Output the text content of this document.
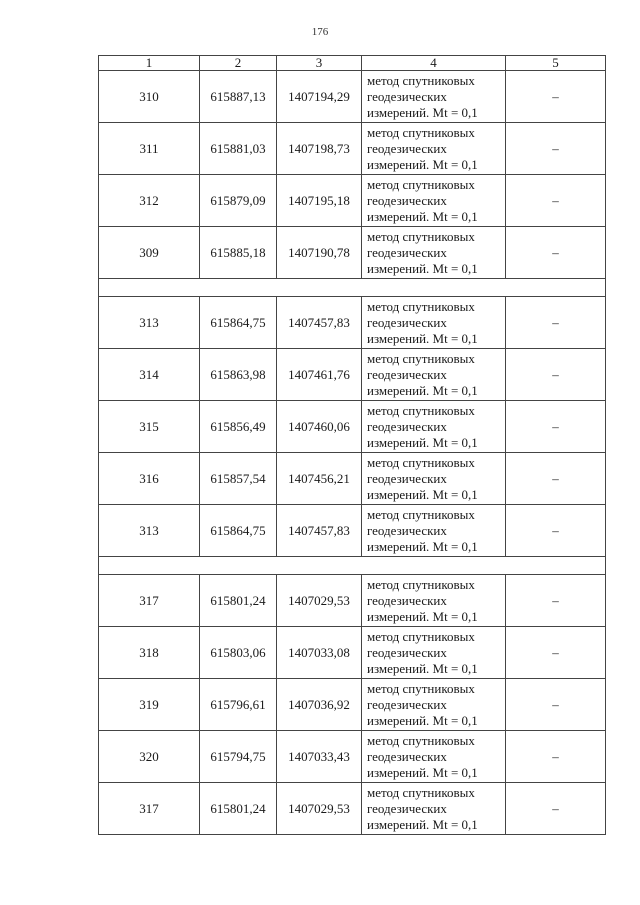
176
1	2	3	4	5
310	615887,13	1407194,29	метод спутниковых
геодезических
измерений. Mt = 0,1	–
311	615881,03	1407198,73	метод спутниковых
геодезических
измерений. Mt = 0,1	–
312	615879,09	1407195,18	метод спутниковых
геодезических
измерений. Mt = 0,1	–
309	615885,18	1407190,78	метод спутниковых
геодезических
измерений. Mt = 0,1	–

313	615864,75	1407457,83	метод спутниковых
геодезических
измерений. Mt = 0,1	–
314	615863,98	1407461,76	метод спутниковых
геодезических
измерений. Mt = 0,1	–
315	615856,49	1407460,06	метод спутниковых
геодезических
измерений. Mt = 0,1	–
316	615857,54	1407456,21	метод спутниковых
геодезических
измерений. Mt = 0,1	–
313	615864,75	1407457,83	метод спутниковых
геодезических
измерений. Mt = 0,1	–

317	615801,24	1407029,53	метод спутниковых
геодезических
измерений. Mt = 0,1	–
318	615803,06	1407033,08	метод спутниковых
геодезических
измерений. Mt = 0,1	–
319	615796,61	1407036,92	метод спутниковых
геодезических
измерений. Mt = 0,1	–
320	615794,75	1407033,43	метод спутниковых
геодезических
измерений. Mt = 0,1	–
317	615801,24	1407029,53	метод спутниковых
геодезических
измерений. Mt = 0,1	–
